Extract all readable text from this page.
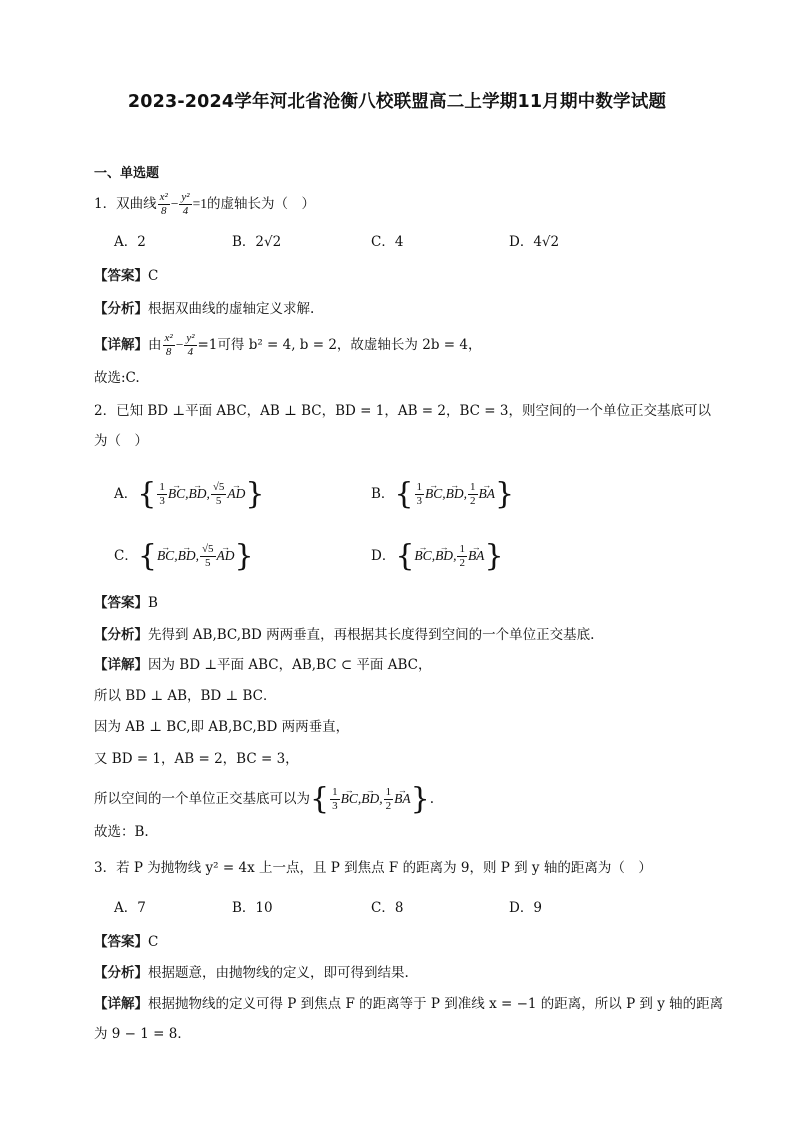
2023-2024学年河北省沧衡八校联盟高二上学期11月期中数学试题
一、单选题
1．双曲线 $\frac{\text{x²}}{8} - \frac{\text{y²}}{4} =1$的虚轴长为（　）
A．2	B．2√2	C．4	D．4√2
【答案】C
【分析】根据双曲线的虚轴定义求解.
【详解】由 $\frac{\text{x²}}{8} - \frac{\text{y²}}{4} =1$可得 b² = 4, b = 2，故虚轴长为 2b = 4，
故选:C.
2．已知 BD ⊥平面 ABC，AB ⊥ BC，BD = 1，AB = 2，BC = 3，则空间的一个单位正交基底可以
为（　）
A．{ $\frac{1}{3}$
→ BC,→ BD, $\frac{√5}{5}$
→ AD}	B．{ $\frac{1}{3}$
→ BC,→ BD, $\frac{1}{2}$
→ BA}
C．{→ BC,→ BD, $\frac{√5}{5}$
→ AD}	D．{→ BC,→ BD, $\frac{1}{2}$
→ BA}
【答案】B
【分析】先得到 AB,BC,BD 两两垂直，再根据其长度得到空间的一个单位正交基底.
【详解】因为 BD ⊥平面 ABC，AB,BC ⊂ 平面 ABC，
所以 BD ⊥ AB，BD ⊥ BC．
因为 AB ⊥ BC,即 AB,BC,BD 两两垂直，
又 BD = 1，AB = 2，BC = 3，
所以空间的一个单位正交基底可以为{ $\frac{1}{3}$
→ BC,→ BD, $\frac{1}{2}$
→ BA}.
故选：B.
3．若 P 为抛物线 y² = 4x 上一点，且 P 到焦点 F 的距离为 9，则 P 到 y 轴的距离为（　）
A．7	B．10	C．8	D．9
【答案】C
【分析】根据题意，由抛物线的定义，即可得到结果.
【详解】根据抛物线的定义可得 P 到焦点 F 的距离等于 P 到准线 x = −1 的距离，所以 P 到 y 轴的距离
为 9 − 1 = 8．
